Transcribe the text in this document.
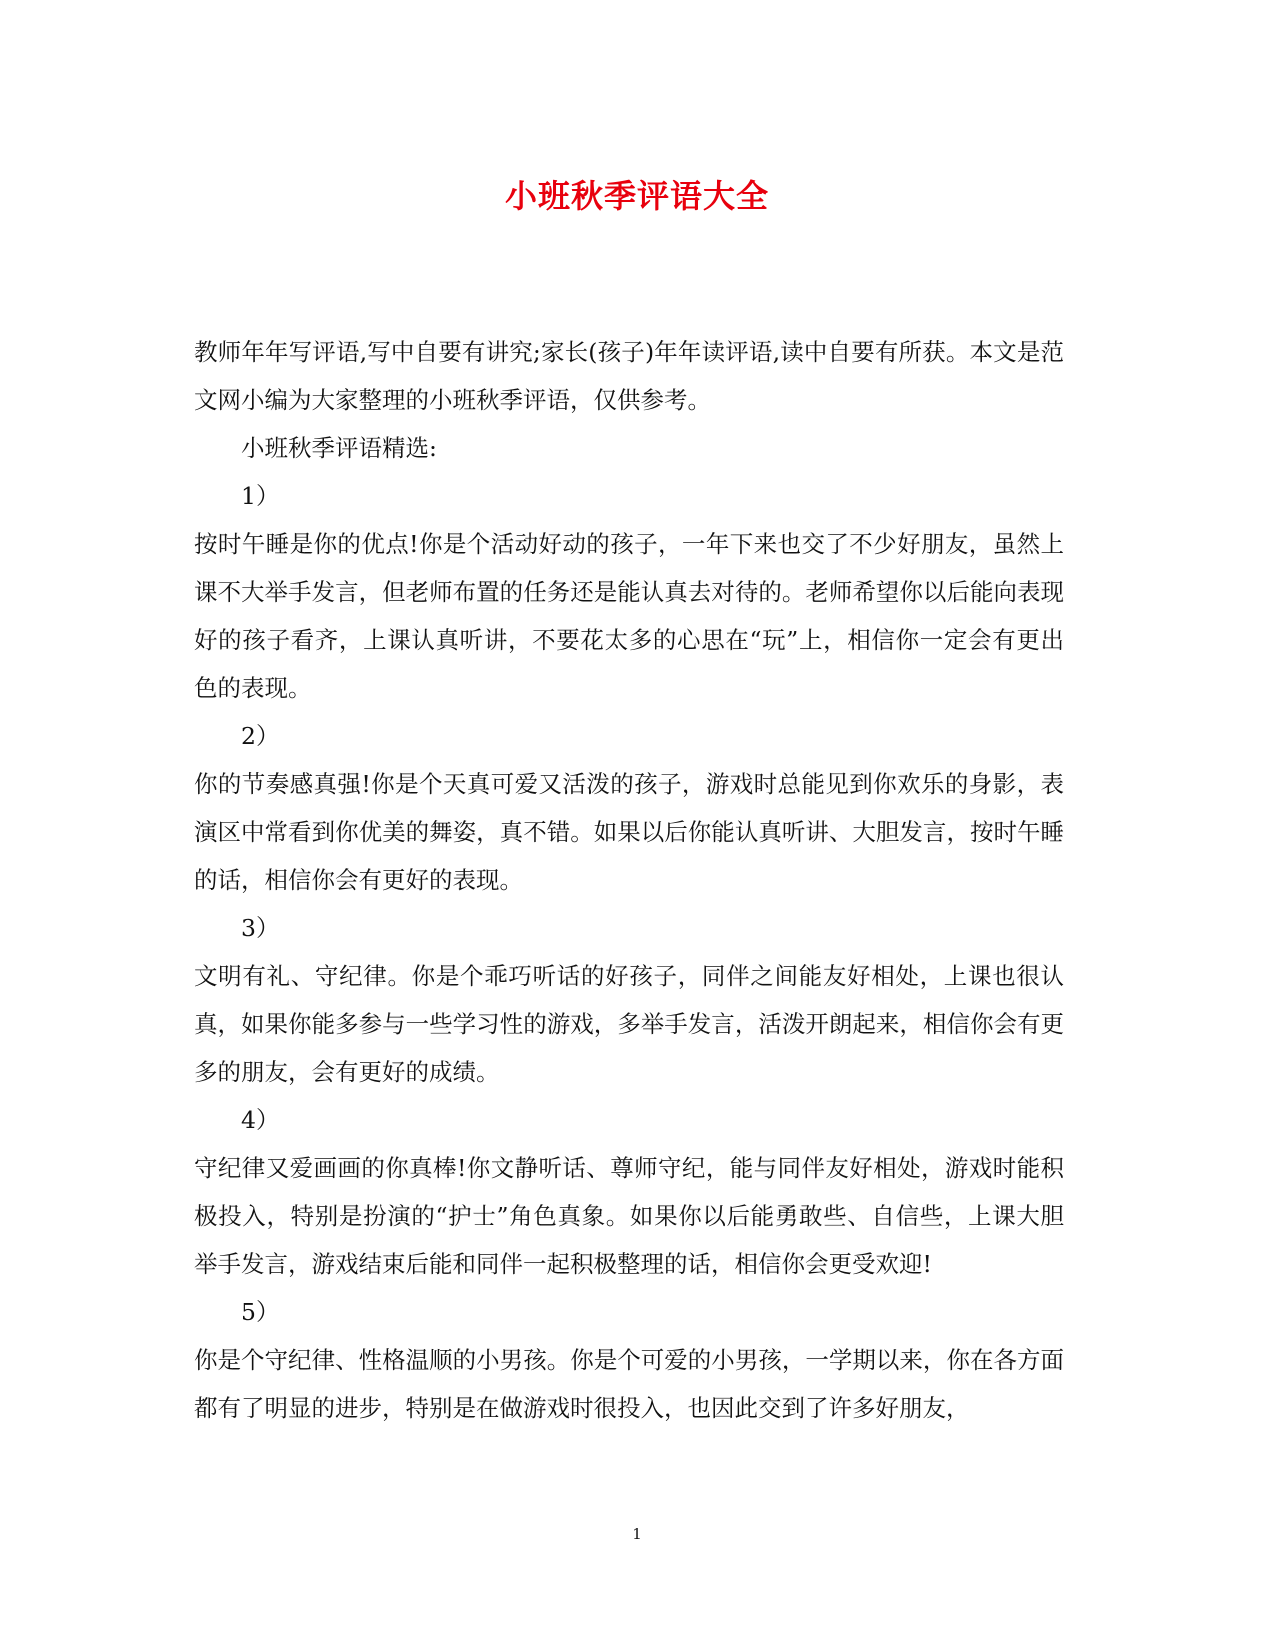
小班秋季评语大全

教师年年写评语,写中自要有讲究;家长(孩子)年年读评语,读中自要有所获。本文是范文网小编为大家整理的小班秋季评语，仅供参考。

小班秋季评语精选:

1）

按时午睡是你的优点!你是个活动好动的孩子，一年下来也交了不少好朋友，虽然上课不大举手发言，但老师布置的任务还是能认真去对待的。老师希望你以后能向表现好的孩子看齐，上课认真听讲，不要花太多的心思在“玩”上，相信你一定会有更出色的表现。

2）

你的节奏感真强!你是个天真可爱又活泼的孩子，游戏时总能见到你欢乐的身影，表演区中常看到你优美的舞姿，真不错。如果以后你能认真听讲、大胆发言，按时午睡的话，相信你会有更好的表现。

3）

文明有礼、守纪律。你是个乖巧听话的好孩子，同伴之间能友好相处，上课也很认真，如果你能多参与一些学习性的游戏，多举手发言，活泼开朗起来，相信你会有更多的朋友，会有更好的成绩。

4）

守纪律又爱画画的你真棒!你文静听话、尊师守纪，能与同伴友好相处，游戏时能积极投入，特别是扮演的“护士”角色真象。如果你以后能勇敢些、自信些，上课大胆举手发言，游戏结束后能和同伴一起积极整理的话，相信你会更受欢迎!

5）

你是个守纪律、性格温顺的小男孩。你是个可爱的小男孩，一学期以来，你在各方面都有了明显的进步，特别是在做游戏时很投入，也因此交到了许多好朋友，

1
